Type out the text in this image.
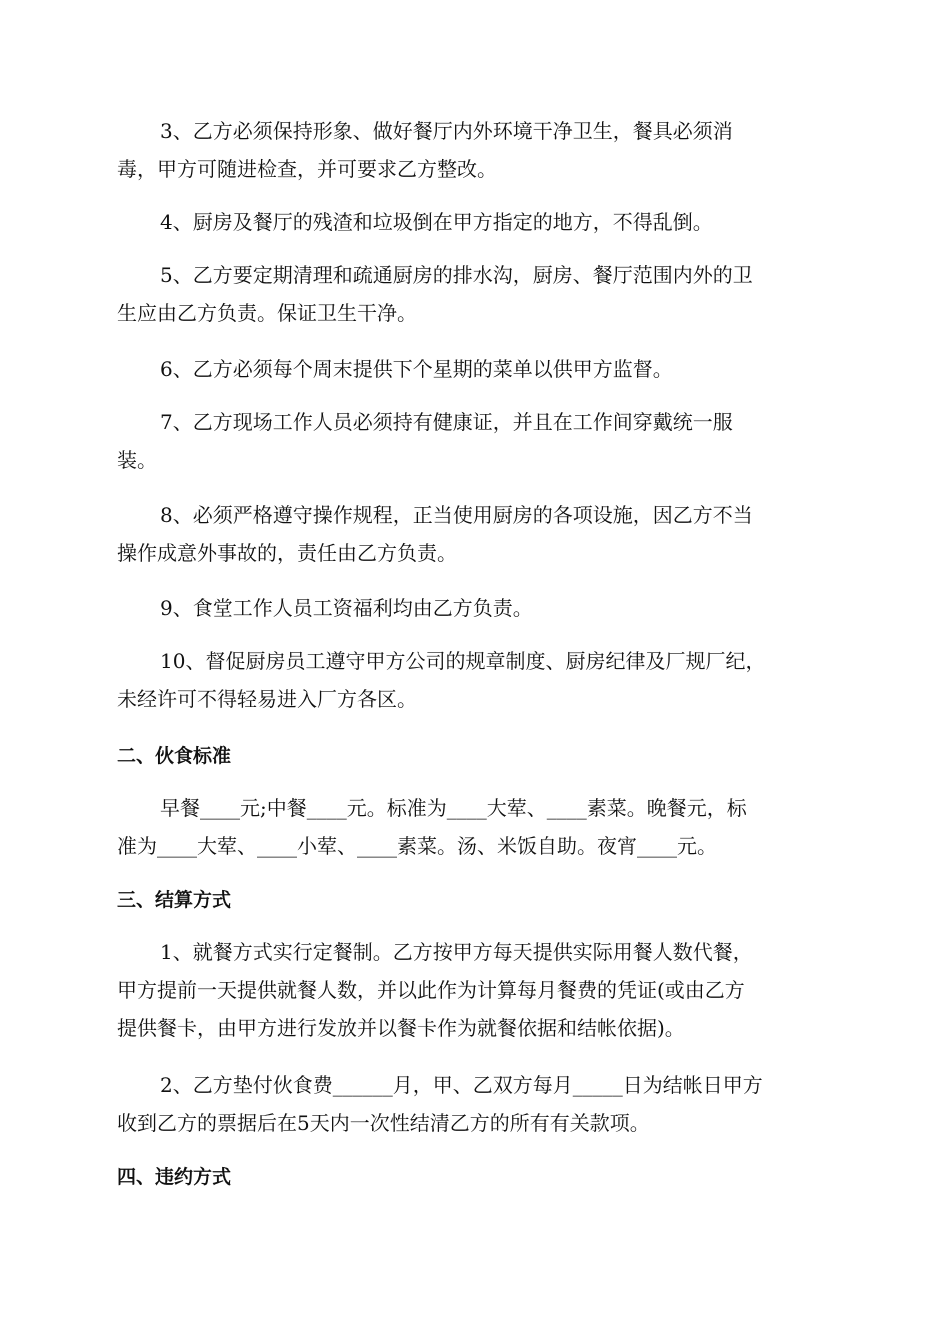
3、乙方必须保持形象、做好餐厅内外环境干净卫生，餐具必须消
毒，甲方可随进检查，并可要求乙方整改。

4、厨房及餐厅的残渣和垃圾倒在甲方指定的地方，不得乱倒。

5、乙方要定期清理和疏通厨房的排水沟，厨房、餐厅范围内外的卫
生应由乙方负责。保证卫生干净。

6、乙方必须每个周末提供下个星期的菜单以供甲方监督。

7、乙方现场工作人员必须持有健康证，并且在工作间穿戴统一服
装。

8、必须严格遵守操作规程，正当使用厨房的各项设施，因乙方不当
操作成意外事故的，责任由乙方负责。

9、食堂工作人员工资福利均由乙方负责。

10、督促厨房员工遵守甲方公司的规章制度、厨房纪律及厂规厂纪，
未经许可不得轻易进入厂方各区。

二、伙食标准

早餐____元;中餐____元。标准为____大荤、____素菜。晚餐元，标
准为____大荤、____小荤、____素菜。汤、米饭自助。夜宵____元。

三、结算方式

1、就餐方式实行定餐制。乙方按甲方每天提供实际用餐人数代餐，
甲方提前一天提供就餐人数，并以此作为计算每月餐费的凭证(或由乙方
提供餐卡，由甲方进行发放并以餐卡作为就餐依据和结帐依据)。

2、乙方垫付伙食费______月，甲、乙双方每月_____日为结帐日甲方
收到乙方的票据后在5天内一次性结清乙方的所有有关款项。

四、违约方式
